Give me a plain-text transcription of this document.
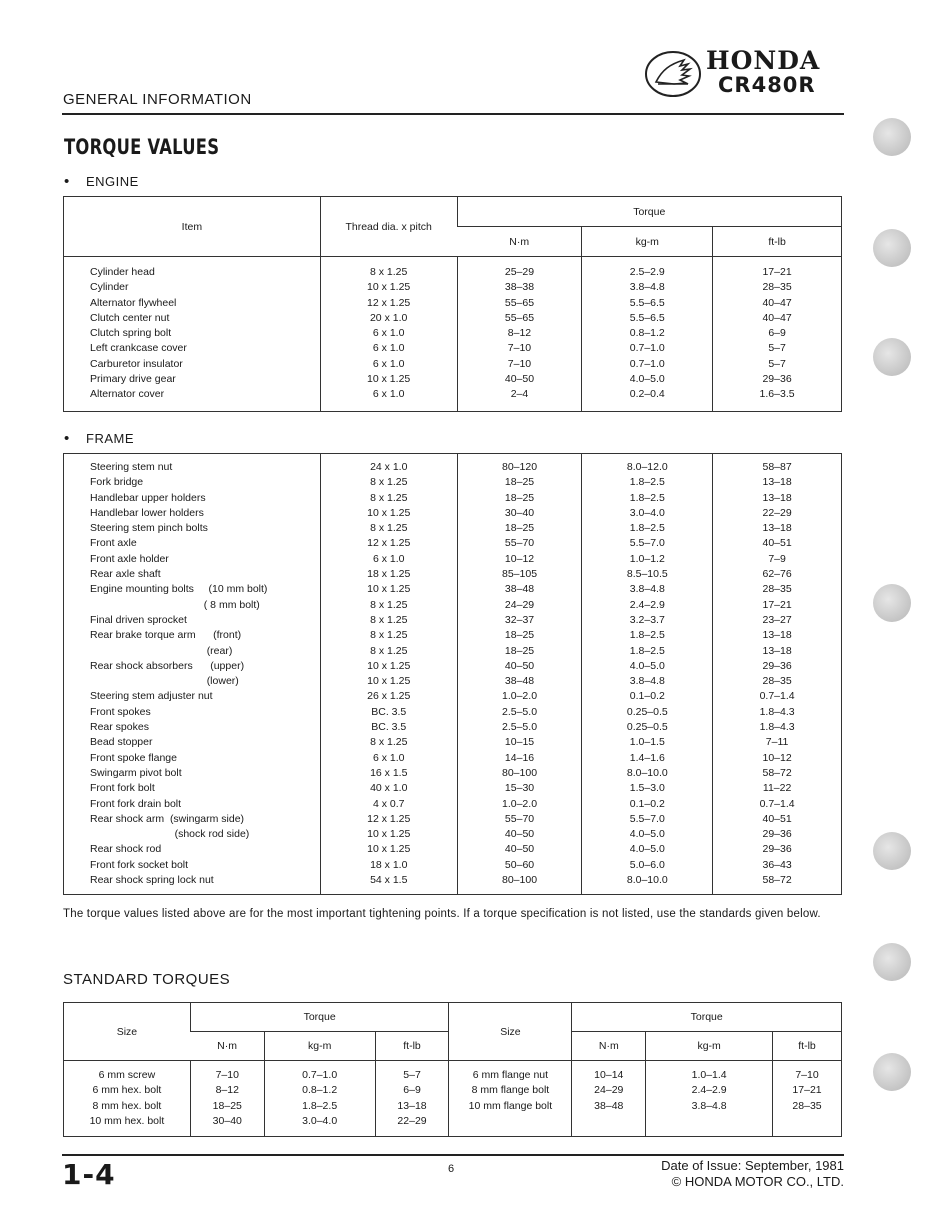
GENERAL INFORMATION
HONDA
CR480R
TORQUE VALUES
• ENGINE
Item	Thread dia. x pitch	Torque		
		N·m	kg-m	ft-lb

Cylinder head	8 x 1.25	25–29	2.5–2.9	17–21
Cylinder	10 x 1.25	38–38	3.8–4.8	28–35
Alternator flywheel	12 x 1.25	55–65	5.5–6.5	40–47
Clutch center nut	20 x 1.0	55–65	5.5–6.5	40–47
Clutch spring bolt	6 x 1.0	8–12	0.8–1.2	6–9
Left crankcase cover	6 x 1.0	7–10	0.7–1.0	5–7
Carburetor insulator	6 x 1.0	7–10	0.7–1.0	5–7
Primary drive gear	10 x 1.25	40–50	4.0–5.0	29–36
Alternator cover	6 x 1.0	2–4	0.2–0.4	1.6–3.5

• FRAME

Steering stem nut	24 x 1.0	80–120	8.0–12.0	58–87
Fork bridge	8 x 1.25	18–25	1.8–2.5	13–18
Handlebar upper holders	8 x 1.25	18–25	1.8–2.5	13–18
Handlebar lower holders	10 x 1.25	30–40	3.0–4.0	22–29
Steering stem pinch bolts	8 x 1.25	18–25	1.8–2.5	13–18
Front axle	12 x 1.25	55–70	5.5–7.0	40–51
Front axle holder	6 x 1.0	10–12	1.0–1.2	7–9
Rear axle shaft	18 x 1.25	85–105	8.5–10.5	62–76
Engine mounting bolts     (10 mm bolt)	10 x 1.25	38–48	3.8–4.8	28–35
( 8 mm bolt)	8 x 1.25	24–29	2.4–2.9	17–21
Final driven sprocket	8 x 1.25	32–37	3.2–3.7	23–27
Rear brake torque arm      (front)	8 x 1.25	18–25	1.8–2.5	13–18
(rear)	8 x 1.25	18–25	1.8–2.5	13–18
Rear shock absorbers      (upper)	10 x 1.25	40–50	4.0–5.0	29–36
(lower)	10 x 1.25	38–48	3.8–4.8	28–35
Steering stem adjuster nut	26 x 1.25	1.0–2.0	0.1–0.2	0.7–1.4
Front spokes	BC. 3.5	2.5–5.0	0.25–0.5	1.8–4.3
Rear spokes	BC. 3.5	2.5–5.0	0.25–0.5	1.8–4.3
Bead stopper	8 x 1.25	10–15	1.0–1.5	7–11
Front spoke flange	6 x 1.0	14–16	1.4–1.6	10–12
Swingarm pivot bolt	16 x 1.5	80–100	8.0–10.0	58–72
Front fork bolt	40 x 1.0	15–30	1.5–3.0	11–22
Front fork drain bolt	4 x 0.7	1.0–2.0	0.1–0.2	0.7–1.4
Rear shock arm  (swingarm side)	12 x 1.25	55–70	5.5–7.0	40–51
(shock rod side)	10 x 1.25	40–50	4.0–5.0	29–36
Rear shock rod	10 x 1.25	40–50	4.0–5.0	29–36
Front fork socket bolt	18 x 1.0	50–60	5.0–6.0	36–43
Rear shock spring lock nut	54 x 1.5	80–100	8.0–10.0	58–72

The torque values listed above are for the most important tightening points. If a torque specification is not listed, use the standards given below.
STANDARD TORQUES
Size	Torque			Size	Torque		
	N·m	kg-m	ft-lb		N·m	kg-m	ft-lb

6 mm screw	7–10	0.7–1.0	5–7	6 mm flange nut	10–14	1.0–1.4	7–10
6 mm hex. bolt	8–12	0.8–1.2	6–9	8 mm flange bolt	24–29	2.4–2.9	17–21
8 mm hex. bolt	18–25	1.8–2.5	13–18	10 mm flange bolt	38–48	3.8–4.8	28–35
10 mm hex. bolt	30–40	3.0–4.0	22–29				

1-4	6	Date of Issue: September, 1981
© HONDA MOTOR CO., LTD.
